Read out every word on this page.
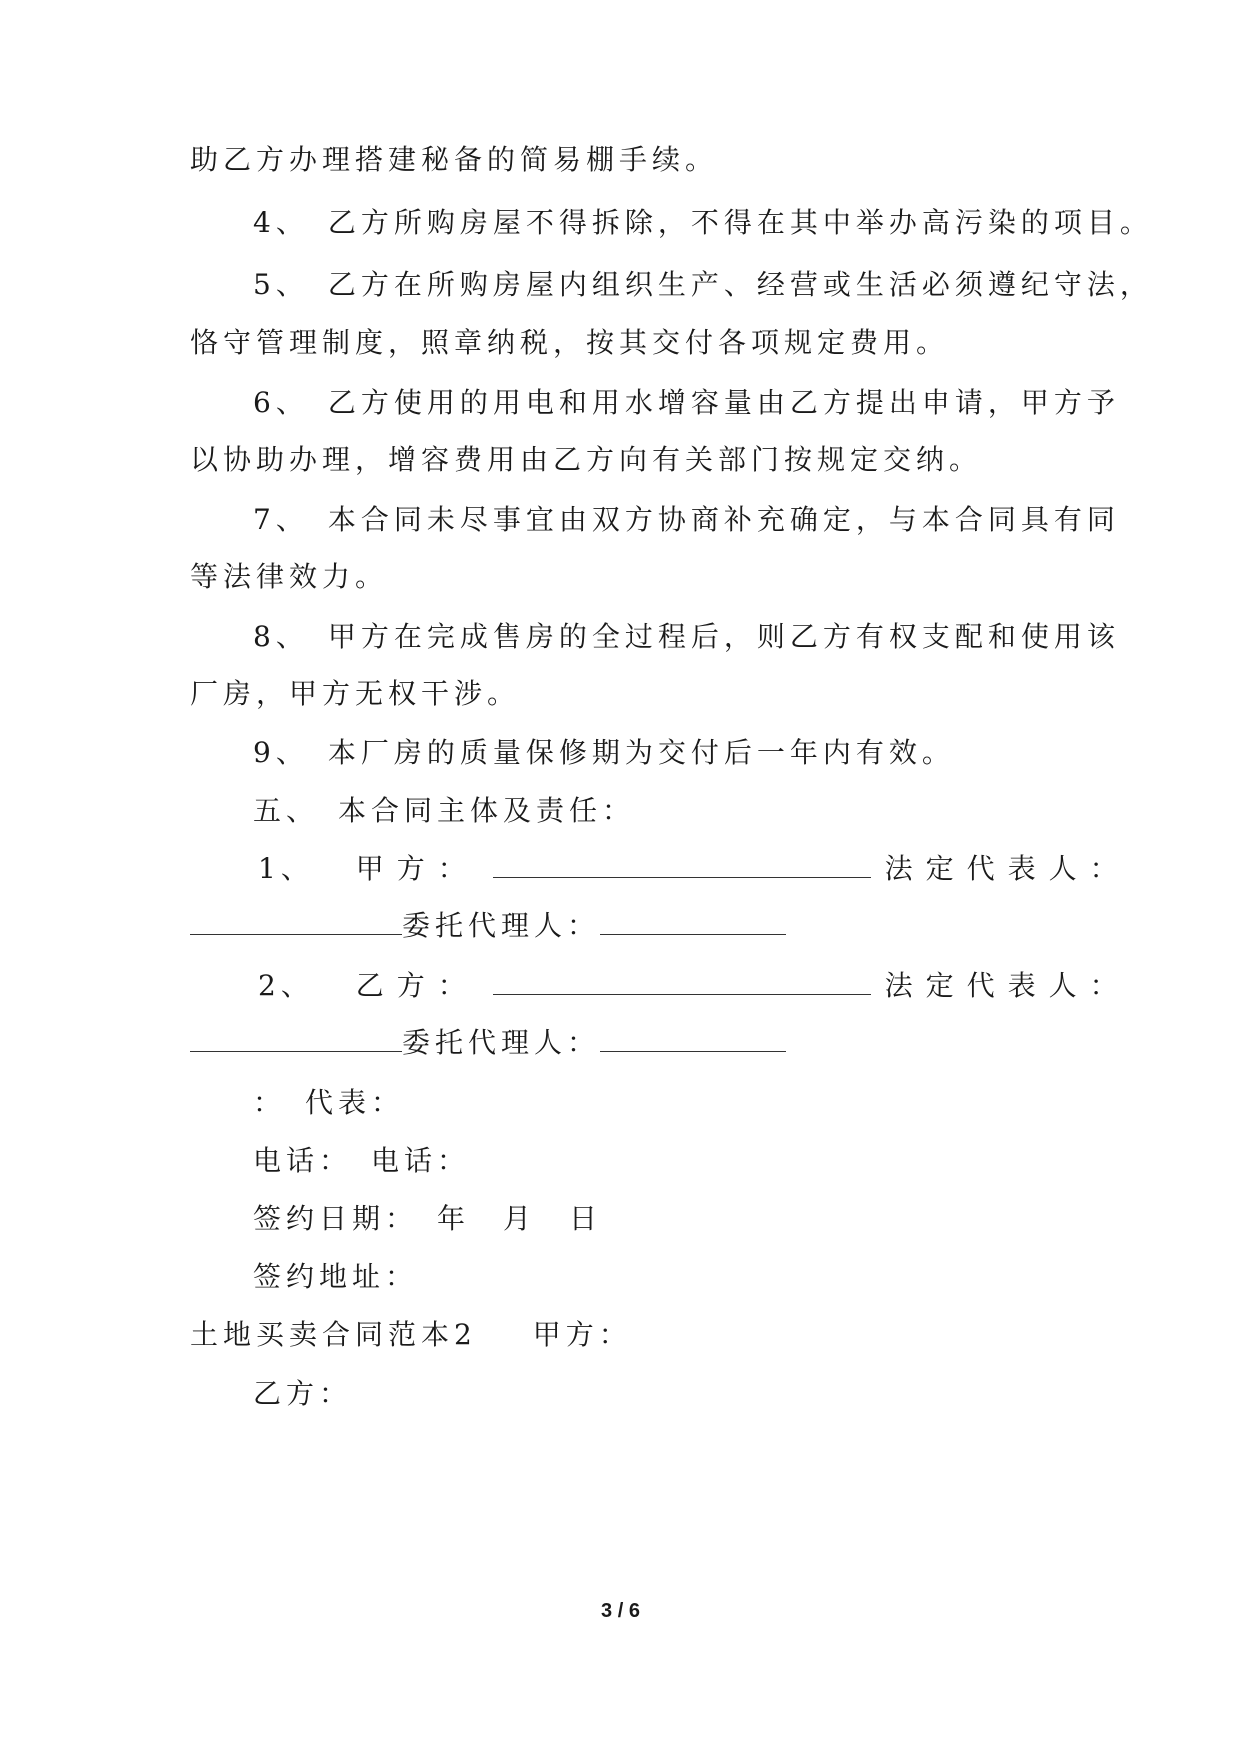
助乙方办理搭建秘备的简易棚手续。
4、　乙方所购房屋不得拆除，不得在其中举办高污染的项目。
5、　乙方在所购房屋内组织生产、经营或生活必须遵纪守法，
恪守管理制度，照章纳税，按其交付各项规定费用。
6、　乙方使用的用电和用水增容量由乙方提出申请，甲方予
以协助办理，增容费用由乙方向有关部门按规定交纳。
7、　本合同未尽事宜由双方协商补充确定，与本合同具有同
等法律效力。
8、　甲方在完成售房的全过程后，则乙方有权支配和使用该
厂房，甲方无权干涉。
9、　本厂房的质量保修期为交付后一年内有效。
五、　本合同主体及责任：
1、 甲方：	法定代表人：
委托代理人：
2、 乙方：	法定代表人：
委托代理人：
：　代表：
电话：　电话：
签约日期：　年　月　日
签约地址：
土地买卖合同范本2 甲方：
乙方：
3 / 6
